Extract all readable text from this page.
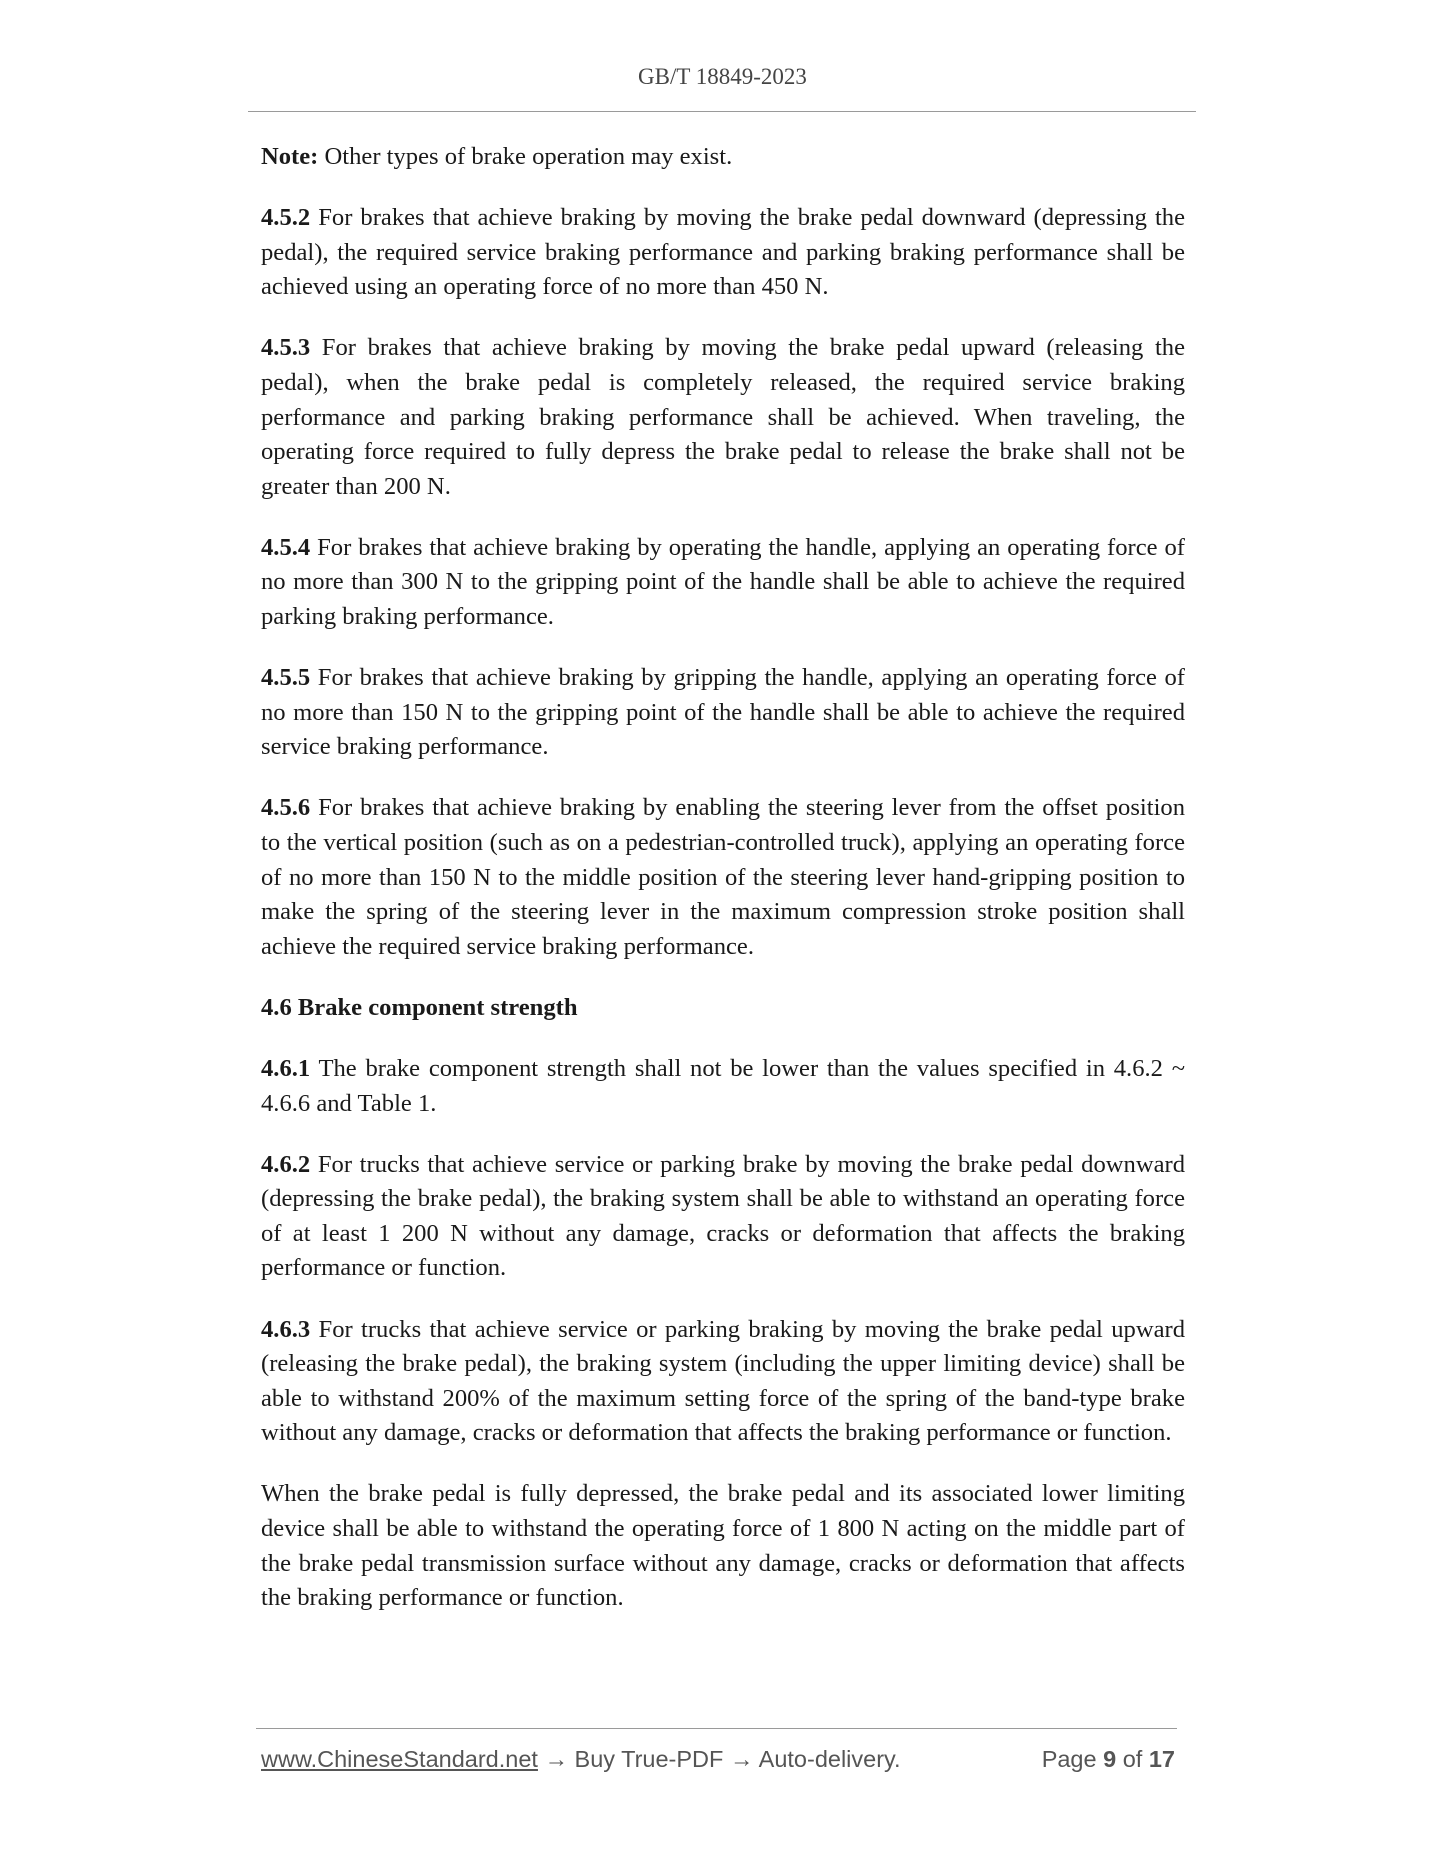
GB/T 18849-2023

Note: Other types of brake operation may exist.

4.5.2 For brakes that achieve braking by moving the brake pedal downward (depressing the pedal), the required service braking performance and parking braking performance shall be achieved using an operating force of no more than 450 N.

4.5.3 For brakes that achieve braking by moving the brake pedal upward (releasing the pedal), when the brake pedal is completely released, the required service braking performance and parking braking performance shall be achieved. When traveling, the operating force required to fully depress the brake pedal to release the brake shall not be greater than 200 N.

4.5.4 For brakes that achieve braking by operating the handle, applying an operating force of no more than 300 N to the gripping point of the handle shall be able to achieve the required parking braking performance.

4.5.5 For brakes that achieve braking by gripping the handle, applying an operating force of no more than 150 N to the gripping point of the handle shall be able to achieve the required service braking performance.

4.5.6 For brakes that achieve braking by enabling the steering lever from the offset position to the vertical position (such as on a pedestrian-controlled truck), applying an operating force of no more than 150 N to the middle position of the steering lever hand-gripping position to make the spring of the steering lever in the maximum compression stroke position shall achieve the required service braking performance.

4.6 Brake component strength

4.6.1 The brake component strength shall not be lower than the values specified in 4.6.2 ~ 4.6.6 and Table 1.

4.6.2 For trucks that achieve service or parking brake by moving the brake pedal downward (depressing the brake pedal), the braking system shall be able to withstand an operating force of at least 1 200 N without any damage, cracks or deformation that affects the braking performance or function.

4.6.3 For trucks that achieve service or parking braking by moving the brake pedal upward (releasing the brake pedal), the braking system (including the upper limiting device) shall be able to withstand 200% of the maximum setting force of the spring of the band-type brake without any damage, cracks or deformation that affects the braking performance or function.

When the brake pedal is fully depressed, the brake pedal and its associated lower limiting device shall be able to withstand the operating force of 1 800 N acting on the middle part of the brake pedal transmission surface without any damage, cracks or deformation that affects the braking performance or function.

www.ChineseStandard.net → Buy True-PDF → Auto-delivery.	Page 9 of 17
